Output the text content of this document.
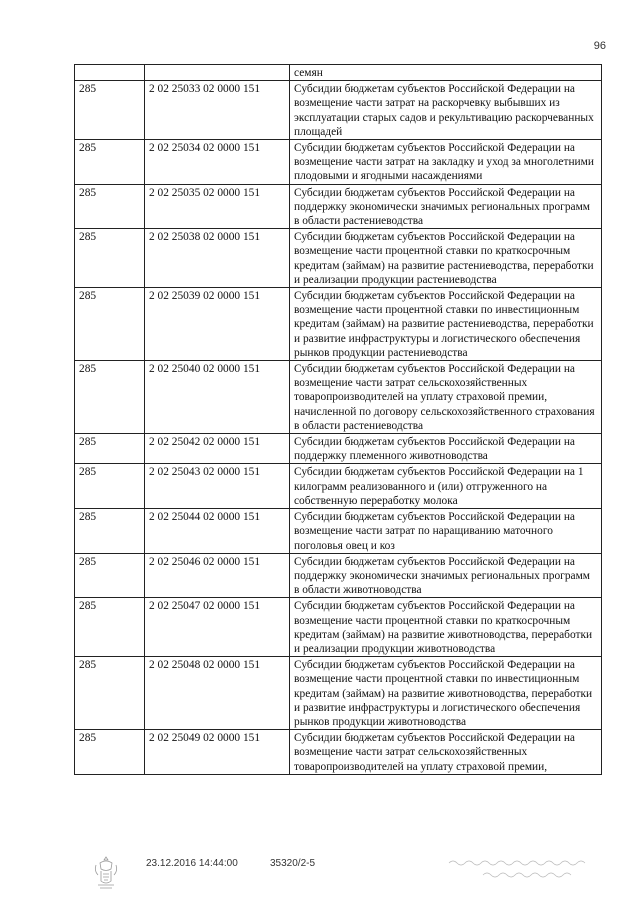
96
		семян
285	2 02 25033 02 0000 151	Субсидии бюджетам субъектов Российской Федерации на возмещение части затрат на раскорчевку выбывших из эксплуатации старых садов и рекультивацию раскорчеванных площадей
285	2 02 25034 02 0000 151	Субсидии бюджетам субъектов Российской Федерации на возмещение части затрат на закладку и уход за многолетними плодовыми и ягодными насаждениями
285	2 02 25035 02 0000 151	Субсидии бюджетам субъектов Российской Федерации на поддержку экономически значимых региональных программ в области растениеводства
285	2 02 25038 02 0000 151	Субсидии бюджетам субъектов Российской Федерации на возмещение части процентной ставки по краткосрочным кредитам (займам) на развитие растениеводства, переработки и реализации продукции растениеводства
285	2 02 25039 02 0000 151	Субсидии бюджетам субъектов Российской Федерации на возмещение части процентной ставки по инвестиционным кредитам (займам) на развитие растениеводства, переработки и развитие инфраструктуры и логистического обеспечения рынков продукции растениеводства
285	2 02 25040 02 0000 151	Субсидии бюджетам субъектов Российской Федерации на возмещение части затрат сельскохозяйственных товаропроизводителей на уплату страховой премии, начисленной по договору сельскохозяйственного страхования в области растениеводства
285	2 02 25042 02 0000 151	Субсидии бюджетам субъектов Российской Федерации на поддержку племенного животноводства
285	2 02 25043 02 0000 151	Субсидии бюджетам субъектов Российской Федерации на 1 килограмм реализованного и (или) отгруженного на собственную переработку молока
285	2 02 25044 02 0000 151	Субсидии бюджетам субъектов Российской Федерации на возмещение части затрат по наращиванию маточного поголовья овец и коз
285	2 02 25046 02 0000 151	Субсидии бюджетам субъектов Российской Федерации на поддержку экономически значимых региональных программ в области животноводства
285	2 02 25047 02 0000 151	Субсидии бюджетам субъектов Российской Федерации на возмещение части процентной ставки по краткосрочным кредитам (займам) на развитие животноводства, переработки и реализации продукции животноводства
285	2 02 25048 02 0000 151	Субсидии бюджетам субъектов Российской Федерации на возмещение части процентной ставки по инвестиционным кредитам (займам) на развитие животноводства, переработки и развитие инфраструктуры и логистического обеспечения рынков продукции животноводства
285	2 02 25049 02 0000 151	Субсидии бюджетам субъектов Российской Федерации на возмещение части затрат сельскохозяйственных товаропроизводителей на уплату страховой премии,
23.12.2016 14:44:00	35320/2-5
